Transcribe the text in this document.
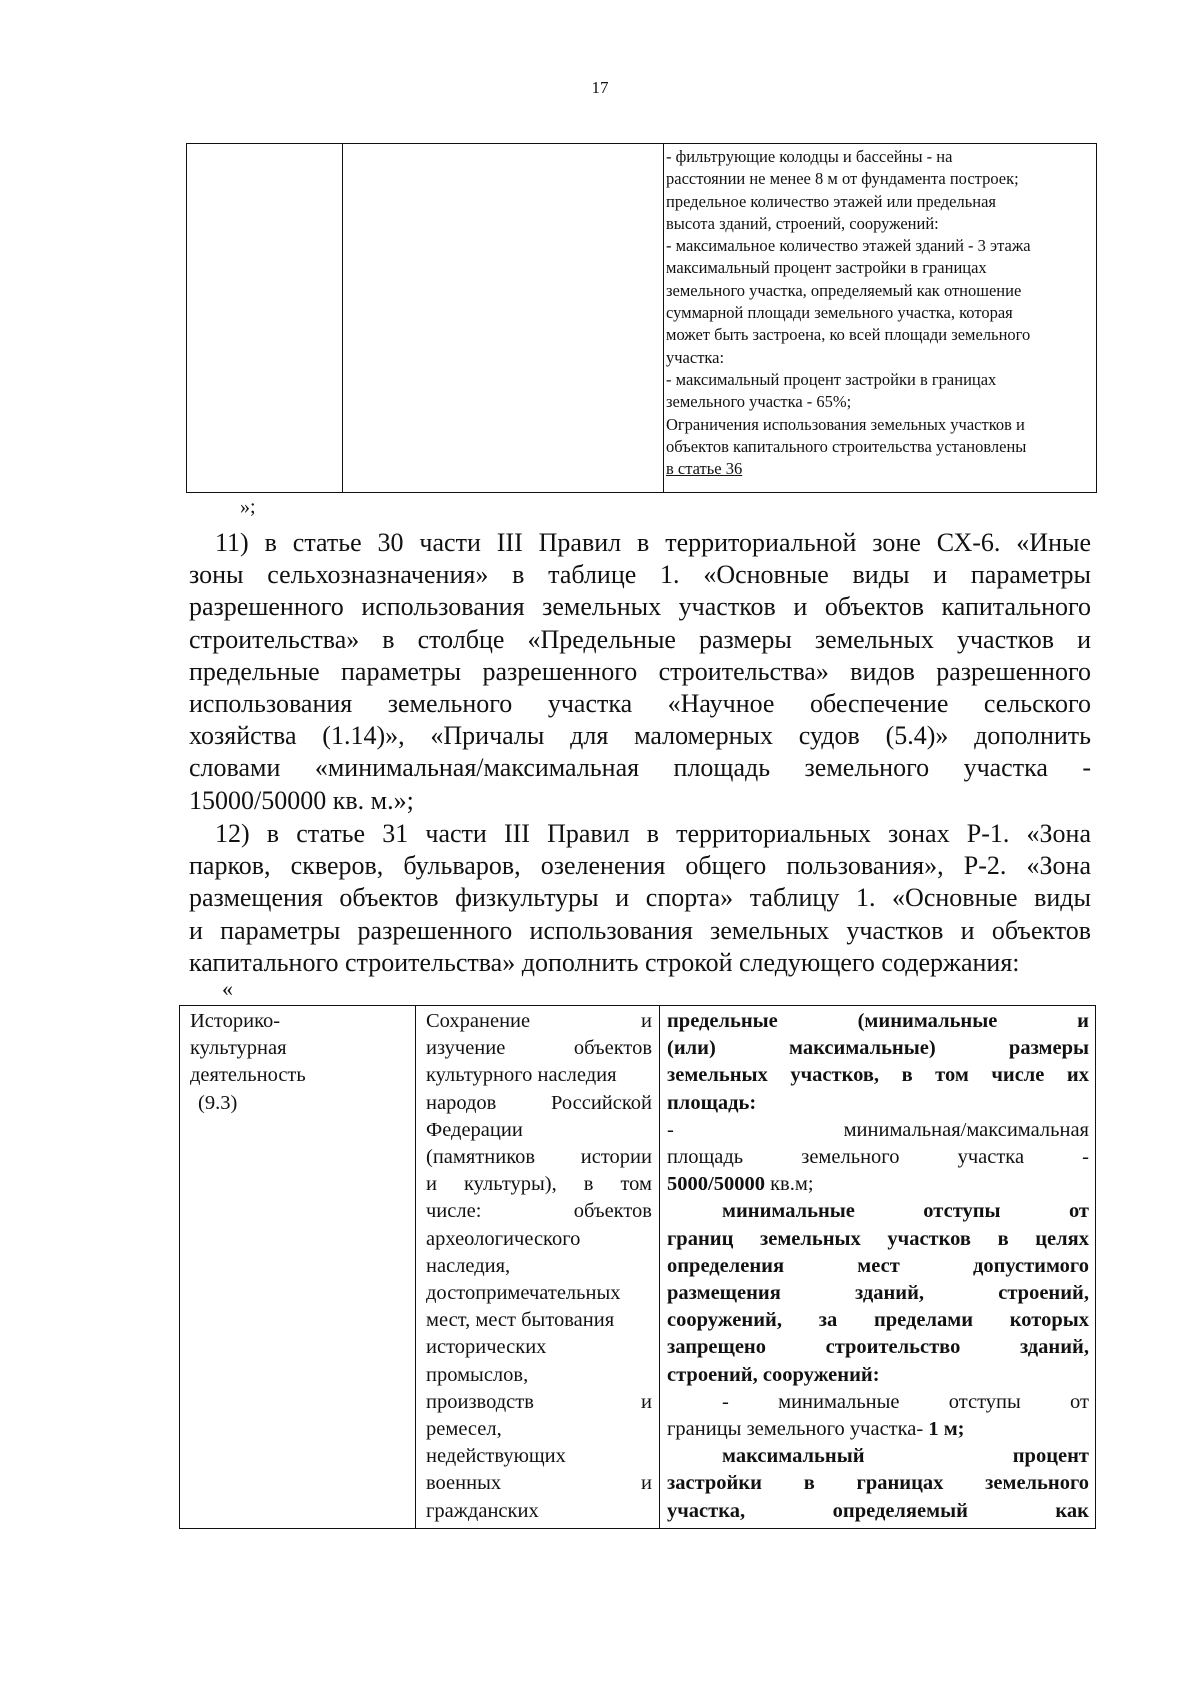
17

- фильтрующие колодцы и бассейны - на
расстоянии не менее 8 м от фундамента построек;
предельное количество этажей или предельная
высота зданий, строений, сооружений:
- максимальное количество этажей зданий - 3 этажа
максимальный процент застройки в границах
земельного участка, определяемый как отношение
суммарной площади земельного участка, которая
может быть застроена, ко всей площади земельного
участка:
- максимальный процент застройки в границах
земельного участка - 65%;
Ограничения использования земельных участков и
объектов капитального строительства установлены
в статье 36
»;
11) в статье 30 части III Правил в территориальной зоне СХ-6. «Иные
зоны сельхозназначения» в таблице 1. «Основные виды и параметры
разрешенного использования земельных участков и объектов капитального
строительства» в столбце «Предельные размеры земельных участков и
предельные параметры разрешенного строительства» видов разрешенного
использования земельного участка «Научное обеспечение сельского
хозяйства (1.14)», «Причалы для маломерных судов (5.4)» дополнить
словами «минимальная/максимальная площадь земельного участка -
15000/50000 кв. м.»;
12) в статье 31 части III Правил в территориальных зонах Р-1. «Зона
парков, скверов, бульваров, озеленения общего пользования», Р-2. «Зона
размещения объектов физкультуры и спорта» таблицу 1. «Основные виды
и параметры разрешенного использования земельных участков и объектов
капитального строительства» дополнить строкой следующего содержания:
«
Историко-
культурная
деятельность
(9.3)

Сохранение и
изучение объектов
культурного наследия
народов Российской
Федерации
(памятников истории
и культуры), в том
числе: объектов
археологического
наследия,
достопримечательных
мест, мест бытования
исторических
промыслов,
производств и
ремесел,
недействующих
военных и
гражданских

предельные (минимальные и
(или) максимальные) размеры
земельных участков, в том числе их
площадь:
- минимальная/максимальная
площадь земельного участка -
5000/50000 кв.м;
минимальные отступы от
границ земельных участков в целях
определения мест допустимого
размещения зданий, строений,
сооружений, за пределами которых
запрещено строительство зданий,
строений, сооружений:
- минимальные отступы от
границы земельного участка- 1 м;
максимальный процент
застройки в границах земельного
участка, определяемый как
